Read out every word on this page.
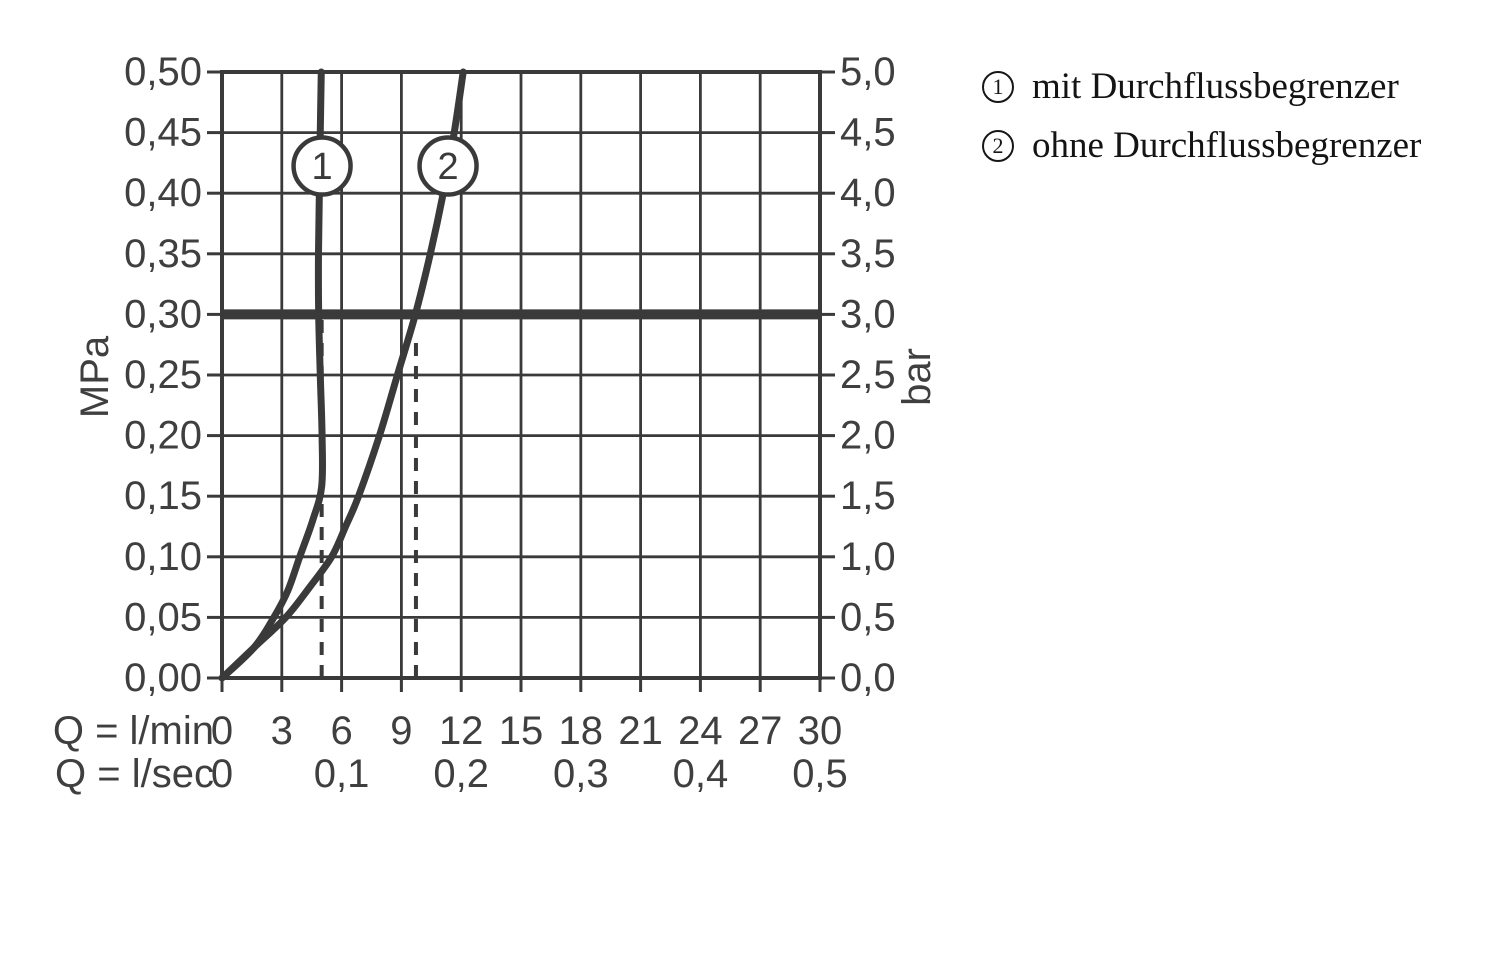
0,50
0,45
0,40
0,35
0,30
0,25
0,20
0,15
0,10
0,05
0,00
5,0
4,5
4,0
3,5
3,0
2,5
2,0
1,5
1,0
0,5
0,0
MPa	bar
Q = l/min
0 3 6 9 12 15 18 21 24 27 30
Q = l/sec
0 0,1 0,2 0,3 0,4 0,5
1	2
1 mit Durchflussbegrenzer
2 ohne Durchflussbegrenzer
